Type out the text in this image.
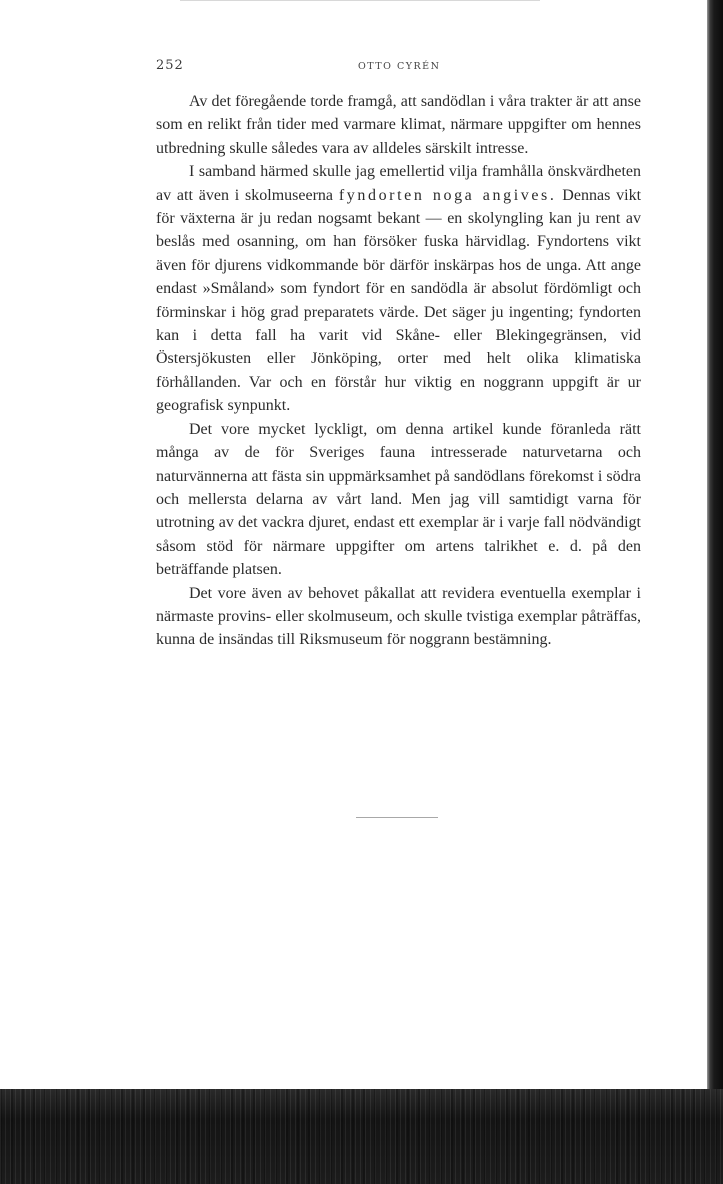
252	OTTO CYRÉN

Av det föregående torde framgå, att sandödlan i våra trakter är att anse som en relikt från tider med varmare klimat, närmare uppgifter om hennes utbredning skulle således vara av alldeles särskilt intresse.

I samband härmed skulle jag emellertid vilja framhålla önskvärdheten av att även i skolmuseerna fyndorten noga angives. Dennas vikt för växterna är ju redan nogsamt bekant — en skolyngling kan ju rent av beslås med osanning, om han försöker fuska härvidlag. Fyndortens vikt även för djurens vidkommande bör därför inskärpas hos de unga. Att ange endast »Småland» som fyndort för en sandödla är absolut fördömligt och förminskar i hög grad preparatets värde. Det säger ju ingenting; fyndorten kan i detta fall ha varit vid Skåne- eller Blekingegränsen, vid Östersjökusten eller Jönköping, orter med helt olika klimatiska förhållanden. Var och en förstår hur viktig en noggrann uppgift är ur geografisk synpunkt.

Det vore mycket lyckligt, om denna artikel kunde föranleda rätt många av de för Sveriges fauna intresserade naturvetarna och naturvännerna att fästa sin uppmärksamhet på sandödlans förekomst i södra och mellersta delarna av vårt land. Men jag vill samtidigt varna för utrotning av det vackra djuret, endast ett exemplar är i varje fall nödvändigt såsom stöd för närmare uppgifter om artens talrikhet e. d. på den beträffande platsen.

Det vore även av behovet påkallat att revidera eventuella exemplar i närmaste provins- eller skolmuseum, och skulle tvistiga exemplar påträffas, kunna de insändas till Riksmuseum för noggrann bestämning.
